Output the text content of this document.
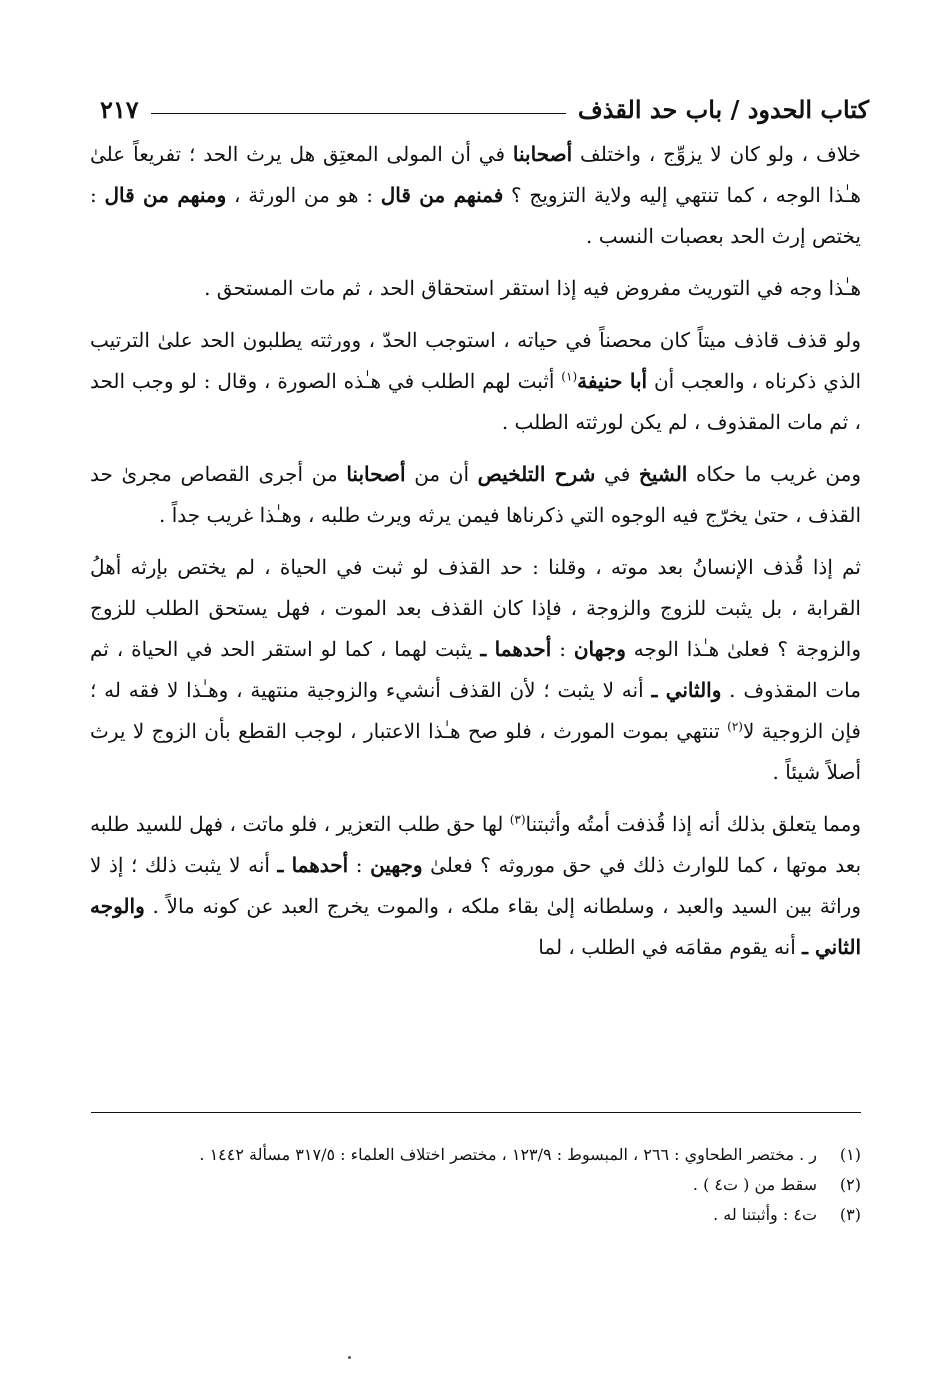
كتاب الحدود / باب حد القذف
٢١٧

خلاف ، ولو كان لا يزوِّج ، واختلف أصحابنا في أن المولى المعتِق هل يرث الحد ؛ تفريعاً علىٰ هـٰذا الوجه ، كما تنتهي إليه ولاية التزويج ؟ فمنهم من قال : هو من الورثة ، ومنهم من قال : يختص إرث الحد بعصبات النسب .

هـٰذا وجه في التوريث مفروض فيه إذا استقر استحقاق الحد ، ثم مات المستحق .

ولو قذف قاذف ميتاً كان محصناً في حياته ، استوجب الحدّ ، وورثته يطلبون الحد علىٰ الترتيب الذي ذكرناه ، والعجب أن أبا حنيفة$^{(١)}$ أثبت لهم الطلب في هـٰذه الصورة ، وقال : لو وجب الحد ، ثم مات المقذوف ، لم يكن لورثته الطلب .

ومن غريب ما حكاه الشيخ في شرح التلخيص أن من أصحابنا من أجرى القصاص مجرىٰ حد القذف ، حتىٰ يخرّج فيه الوجوه التي ذكرناها فيمن يرثه ويرث طلبه ، وهـٰذا غريب جداً .

ثم إذا قُذف الإنسانُ بعد موته ، وقلنا : حد القذف لو ثبت في الحياة ، لم يختص بإرثه أهلُ القرابة ، بل يثبت للزوج والزوجة ، فإذا كان القذف بعد الموت ، فهل يستحق الطلب للزوج والزوجة ؟ فعلىٰ هـٰذا الوجه وجهان : أحدهما ـ يثبت لهما ، كما لو استقر الحد في الحياة ، ثم مات المقذوف . والثاني ـ أنه لا يثبت ؛ لأن القذف أنشيء والزوجية منتهية ، وهـٰذا لا فقه له ؛ فإن الزوجية لا$^{(٢)}$ تنتهي بموت المورث ، فلو صح هـٰذا الاعتبار ، لوجب القطع بأن الزوج لا يرث أصلاً شيئاً .

ومما يتعلق بذلك أنه إذا قُذفت أمتُه وأثبتنا$^{(٣)}$ لها حق طلب التعزير ، فلو ماتت ، فهل للسيد طلبه بعد موتها ، كما للوارث ذلك في حق موروثه ؟ فعلىٰ وجهين : أحدهما ـ أنه لا يثبت ذلك ؛ إذ لا وراثة بين السيد والعبد ، وسلطانه إلىٰ بقاء ملكه ، والموت يخرج العبد عن كونه مالاً . والوجه الثاني ـ أنه يقوم مقامَه في الطلب ، لما

(١)
ر . مختصر الطحاوي : ٢٦٦ ، المبسوط : ١٢٣/٩ ، مختصر اختلاف العلماء : ٣١٧/٥ مسألة ١٤٤٢ .
(٢)
سقط من ( ت٤ ) .
(٣)
ت٤ : وأثبتنا له .
